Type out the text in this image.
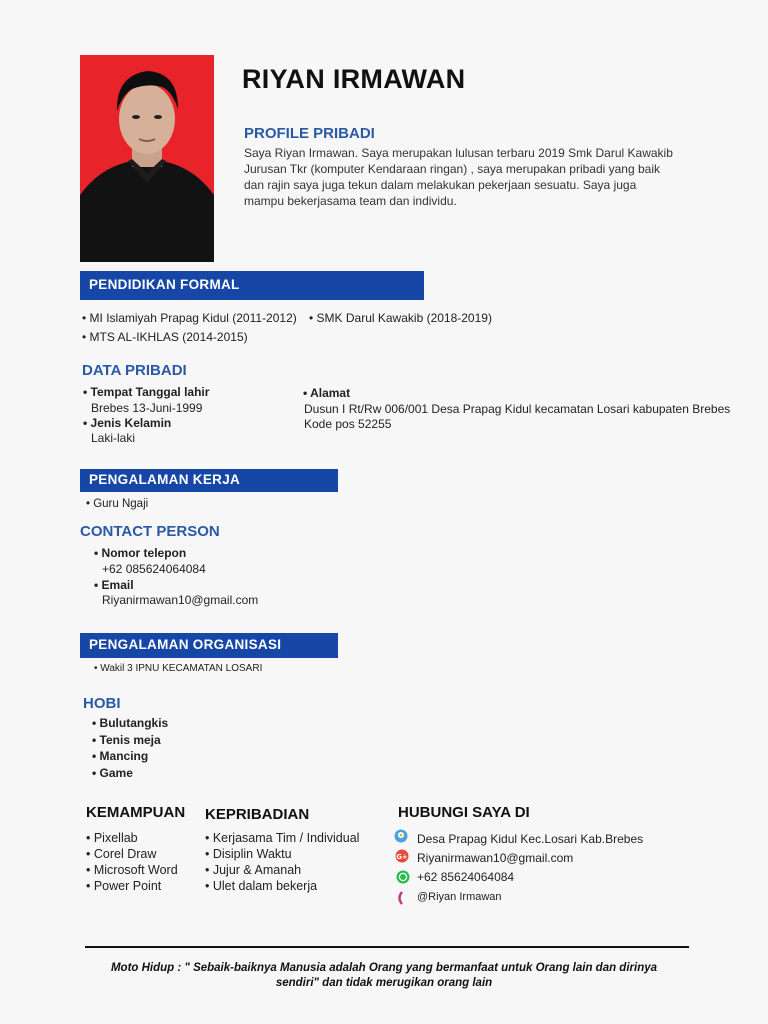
RIYAN IRMAWAN
PROFILE PRIBADI
Saya Riyan Irmawan. Saya merupakan lulusan terbaru 2019 Smk Darul Kawakib
Jurusan Tkr (komputer Kendaraan ringan) , saya merupakan pribadi yang baik
dan rajin saya juga tekun dalam melakukan pekerjaan sesuatu. Saya juga
mampu bekerjasama team dan individu.
PENDIDIKAN FORMAL
• MI Islamiyah Prapag Kidul (2011-2012) • SMK Darul Kawakib (2018-2019)
• MTS AL-IKHLAS (2014-2015)
DATA PRIBADI
• Tempat Tanggal lahir
Brebes 13-Juni-1999
• Jenis Kelamin
Laki-laki
• Alamat
Dusun I Rt/Rw 006/001 Desa Prapag Kidul kecamatan Losari kabupaten Brebes
Kode pos 52255
PENGALAMAN KERJA
• Guru Ngaji
CONTACT PERSON
• Nomor telepon
+62 085624064084
• Email
Riyanirmawan10@gmail.com
PENGALAMAN ORGANISASI
• Wakil 3 IPNU KECAMATAN LOSARI
HOBI
• Bulutangkis
• Tenis meja
• Mancing
• Game
KEMAMPUAN
• Pixellab
• Corel Draw
• Microsoft Word
• Power Point
KEPRIBADIAN
• Kerjasama Tim / Individual
• Disiplin Waktu
• Jujur & Amanah
• Ulet dalam bekerja
HUBUNGI SAYA DI
Desa Prapag Kidul Kec.Losari Kab.Brebes
G+ Riyanirmawan10@gmail.com
+62 85624064084
@Riyan Irmawan
Moto Hidup : " Sebaik-baiknya Manusia adalah Orang yang bermanfaat untuk Orang lain dan dirinya
sendiri" dan tidak merugikan orang lain
